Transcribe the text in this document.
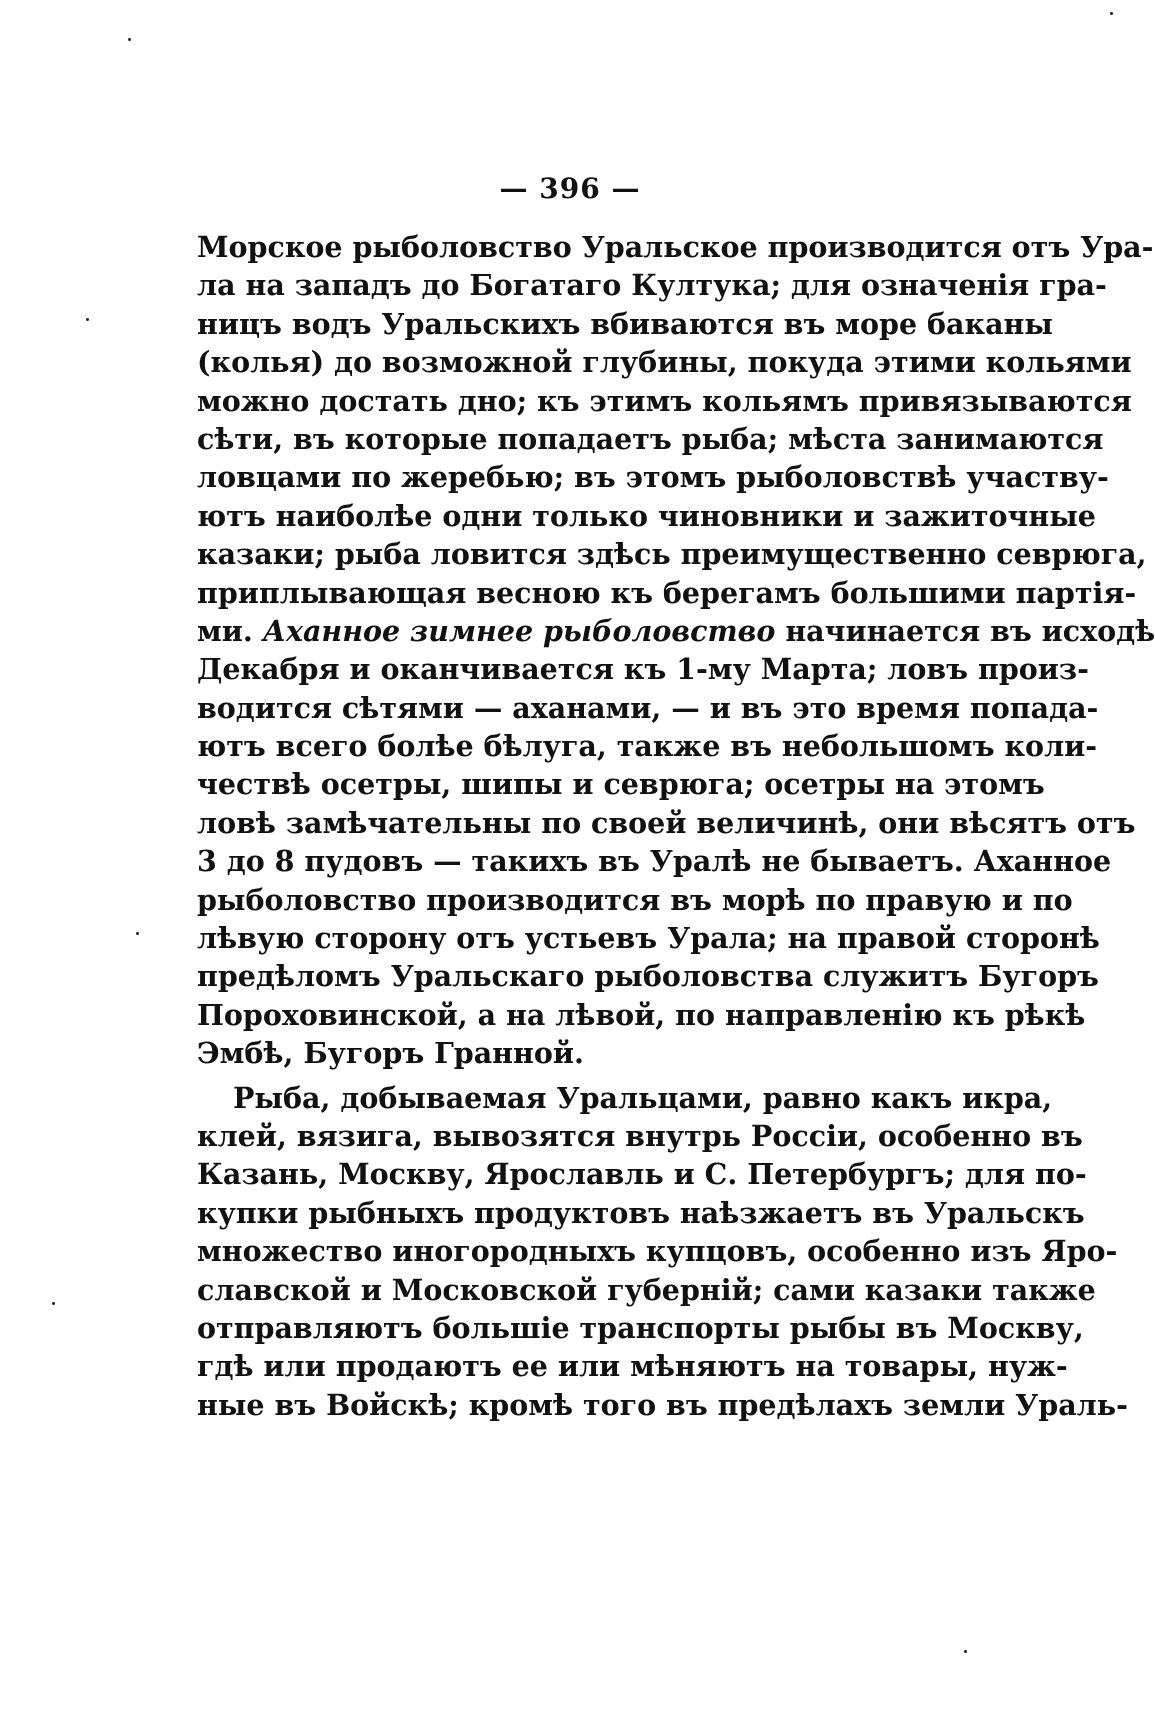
— 396 —
Морское рыболовство Уральское производится отъ Ура-
ла на западъ до Богатаго Култука; для означенія гра-
ницъ водъ Уральскихъ вбиваются въ море баканы
(колья) до возможной глубины, покуда этими кольями
можно достать дно; къ этимъ кольямъ привязываются
сѣти, въ которые попадаетъ рыба; мѣста занимаются
ловцами по жеребью; въ этомъ рыболовствѣ участву-
ютъ наиболѣе одни только чиновники и зажиточные
казаки; рыба ловится здѣсь преимущественно севрюга,
приплывающая весною къ берегамъ большими партія-
ми. Аханное зимнее рыболовство начинается въ исходѣ
Декабря и оканчивается къ 1-му Марта; ловъ произ-
водится сѣтями — аханами, — и въ это время попада-
ютъ всего болѣе бѣлуга, также въ небольшомъ коли-
чествѣ осетры, шипы и севрюга; осетры на этомъ
ловѣ замѣчательны по своей величинѣ, они вѣсятъ отъ
3 до 8 пудовъ — такихъ въ Уралѣ не бываетъ. Аханное
рыболовство производится въ морѣ по правую и по
лѣвую сторону отъ устьевъ Урала; на правой сторонѣ
предѣломъ Уральскаго рыболовства служитъ Бугоръ
Пороховинской, а на лѣвой, по направленію къ рѣкѣ
Эмбѣ, Бугоръ Гранной.
Рыба, добываемая Уральцами, равно какъ икра,
клей, вязига, вывозятся внутрь Россіи, особенно въ
Казань, Москву, Ярославль и С. Петербургъ; для по-
купки рыбныхъ продуктовъ наѣзжаетъ въ Уральскъ
множество иногородныхъ купцовъ, особенно изъ Яро-
славской и Московской губерній; сами казаки также
отправляютъ большіе транспорты рыбы въ Москву,
гдѣ или продаютъ ее или мѣняютъ на товары, нуж-
ные въ Войскѣ; кромѣ того въ предѣлахъ земли Ураль-
